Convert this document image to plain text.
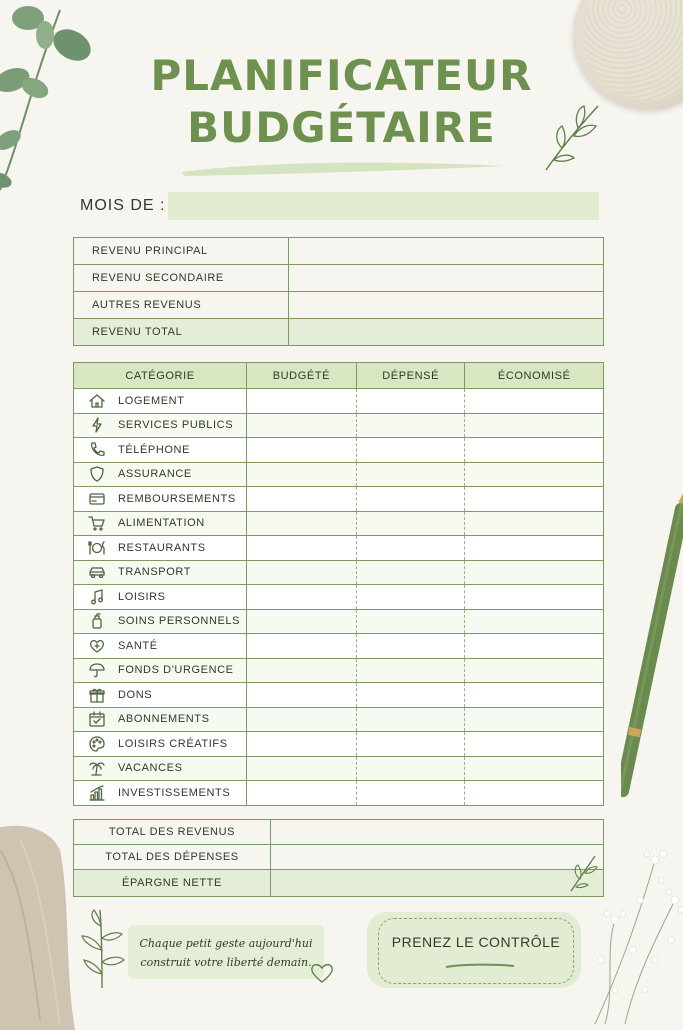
PLANIFICATEUR
BUDGÉTAIRE
MOIS DE :
REVENU PRINCIPAL	
REVENU SECONDAIRE	
AUTRES REVENUS	
REVENU TOTAL	
CATÉGORIE	BUDGÉTÉ	DÉPENSÉ	ÉCONOMISÉ

LOGEMENT			

SERVICES PUBLICS			

TÉLÉPHONE			

ASSURANCE			

REMBOURSEMENTS			

ALIMENTATION			

RESTAURANTS			

TRANSPORT			

LOISIRS			

SOINS PERSONNELS			

SANTÉ			

FONDS D'URGENCE			

DONS			

ABONNEMENTS			

LOISIRS CRÉATIFS			

VACANCES			

INVESTISSEMENTS			

TOTAL DES REVENUS	
TOTAL DES DÉPENSES	
ÉPARGNE NETTE	
Chaque petit geste aujourd'hui
construit votre liberté demain.
PRENEZ LE CONTRÔLE
